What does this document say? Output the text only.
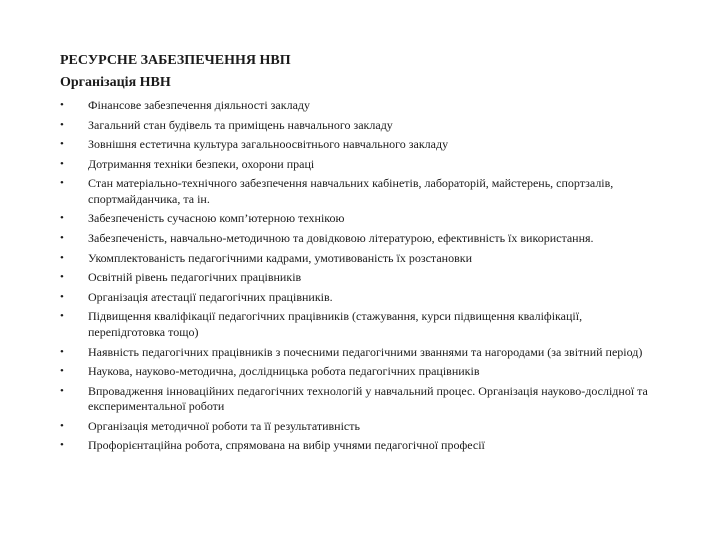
РЕСУРСНЕ ЗАБЕЗПЕЧЕННЯ НВП

Організація НВН

• Фінансове забезпечення діяльності закладу
• Загальний стан будівель та приміщень навчального закладу
• Зовнішня естетична культура загальноосвітнього навчального закладу
• Дотримання техніки безпеки, охорони праці
• Стан матеріально-технічного забезпечення навчальних кабінетів, лабораторій, майстерень, спортзалів, спортмайданчика, та ін.
• Забезпеченість сучасною комп’ютерною технікою
• Забезпеченість, навчально-методичною та довідковою літературою, ефективність їх використання.
• Укомплектованість педагогічними кадрами, умотивованість їх розстановки
• Освітній рівень педагогічних працівників
• Організація атестації педагогічних працівників.
• Підвищення кваліфікації педагогічних працівників (стажування, курси підвищення кваліфікації, перепідготовка тощо)
• Наявність педагогічних працівників з почесними педагогічними званнями та нагородами (за звітний період)
• Наукова, науково-методична, дослідницька робота педагогічних працівників
• Впровадження інноваційних педагогічних технологій у навчальний процес. Організація науково-дослідної та експериментальної роботи
• Організація методичної роботи та її результативність
• Профорієнтаційна робота, спрямована на вибір учнями педагогічної професії
